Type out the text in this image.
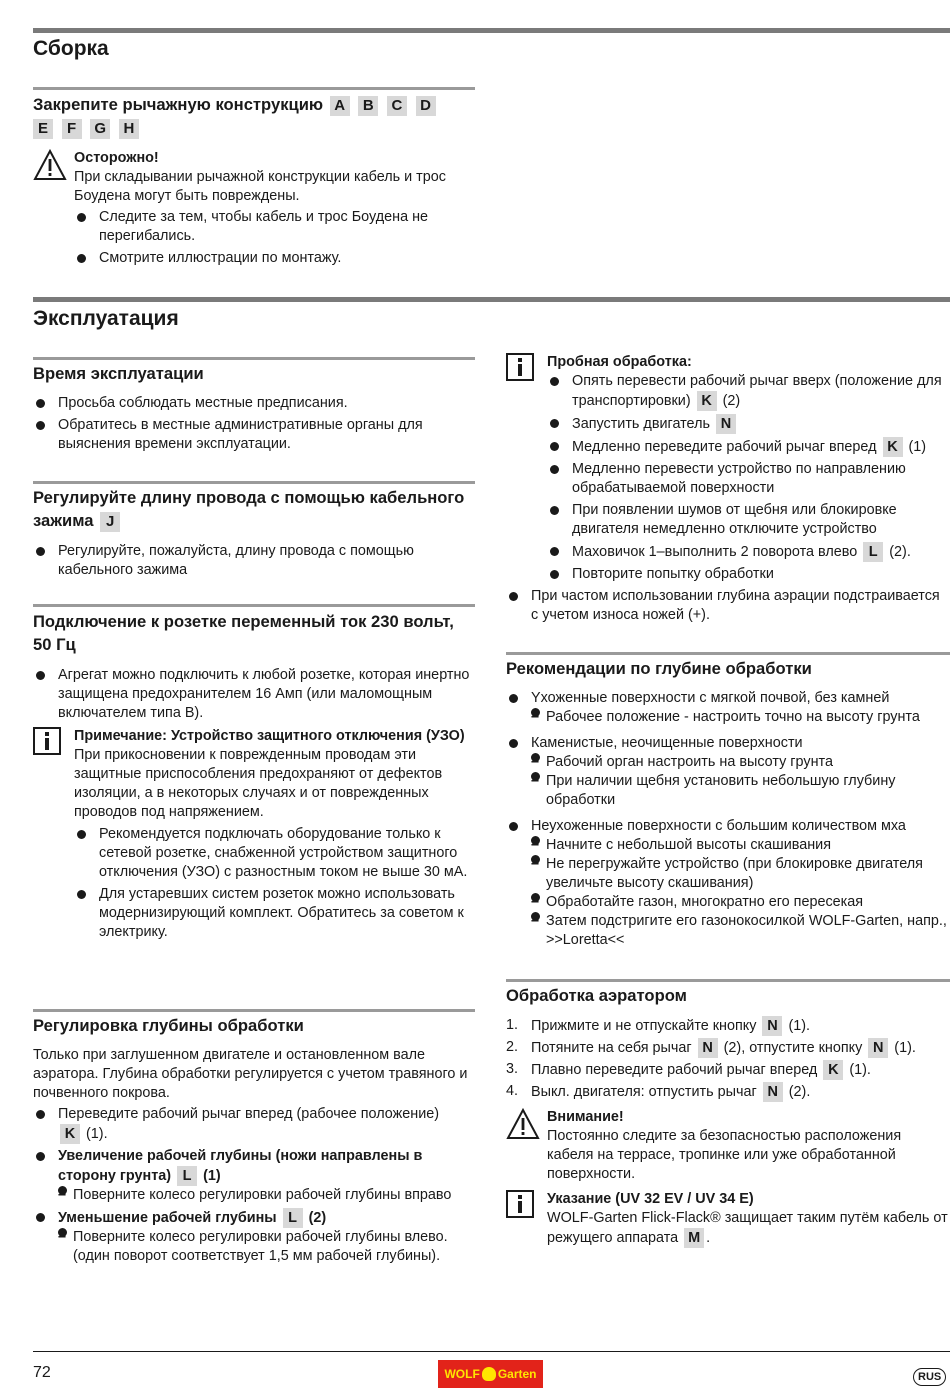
Сборка
Закрепите рычажную конструкцию A B C D
E F G H
Осторожно!
При складывании рычажной конструкции кабель и трос Боудена могут быть повреждены.
Следите за тем, чтобы кабель и трос Боудена не перегибались.
Смотрите иллюстрации по монтажу.
Эксплуатация
Время эксплуатации
Просьба соблюдать местные предписания.
Обратитесь в местные административные органы для выяснения времени эксплуатации.
Регулируйте длину провода с помощью кабельного зажима J
Регулируйте, пожалуйста, длину провода с помощью кабельного зажима
Подключение к розетке переменный ток 230 вольт, 50 Гц
Агрегат можно подключить к любой розетке, которая инертно защищена предохранителем 16 Амп (или маломощным включателем типа В).
Примечание: Устройство защитного отключения (УЗО)
При прикосновении к поврежденным проводам эти защитные приспособления предохраняют от дефектов изоляции, а в некоторых случаях и от поврежденных проводов под напряжением.
Рекомендуется подключать оборудование только к сетевой розетке, снабженной устройством защитного отключения (УЗО) с разностным током не выше 30 мА.
Для устаревших систем розеток можно использовать модернизирующий комплект. Обратитесь за советом к электрику.
Регулировка глубины обработки
Только при заглушенном двигателе и остановленном вале аэратора. Глубина обработки регулируется с учетом травяного и почвенного покрова.
Переведите рабочий рычаг вперед (рабочее положение)
K (1).
Увеличение рабочей глубины (ножи направлены в сторону грунта) L (1)
– Поверните колесо регулировки рабочей глубины вправо
Уменьшение рабочей глубины L (2)
– Поверните колесо регулировки рабочей глубины влево. (один поворот соответствует 1,5 мм рабочей глубины).
Пробная обработка:
Опять перевести рабочий рычаг вверх (положение для транспортировки) K (2)
Запустить двигатель N
Медленно переведите рабочий рычаг вперед K (1)
Медленно перевести устройство по направлению обрабатываемой поверхности
При появлении шумов от щебня или блокировке двигателя немедленно отключите устройство
Маховичок 1–выполнить 2 поворота влево L (2).
Повторите попытку обработки
При частом использовании глубина аэрации подстраивается с учетом износа ножей (+).
Рекомендации по глубине обработки
Yхоженные поверхности с мягкой почвой, без камней
– Рабочее положение - настроить точно на высоту грунта
Каменистые, неочищенные поверхности
– Рабочий орган настроить на высоту грунта
– При наличии щебня установить небольшую глубину обработки
Неухоженные поверхности с большим количеством мха
– Начните с небольшой высоты скашивания
– Не перегружайте устройство (при блокировке двигателя увеличьте высоту скашивания)
– Обработайте газон, многократно его пересекая
– Затем подстригите его газонокосилкой WOLF-Garten, напр., >>Loretta<<
Обработка аэратором
1. Прижмите и не отпускайте кнопку N (1).
2. Потяните на себя рычаг N (2), отпустите кнопку N (1).
3. Плавно переведите рабочий рычаг вперед K (1).
4. Выкл. двигателя: отпустить рычаг N (2).
Внимание!
Постоянно следите за безопасностью расположения кабеля на террасе, тропинке или уже обработанной поверхности.
Указание (UV 32 EV / UV 34 E)
WOLF-Garten Flick-Flack® защищает таким путём кабель от режущего аппарата M .
72	WOLF Garten	RUS
